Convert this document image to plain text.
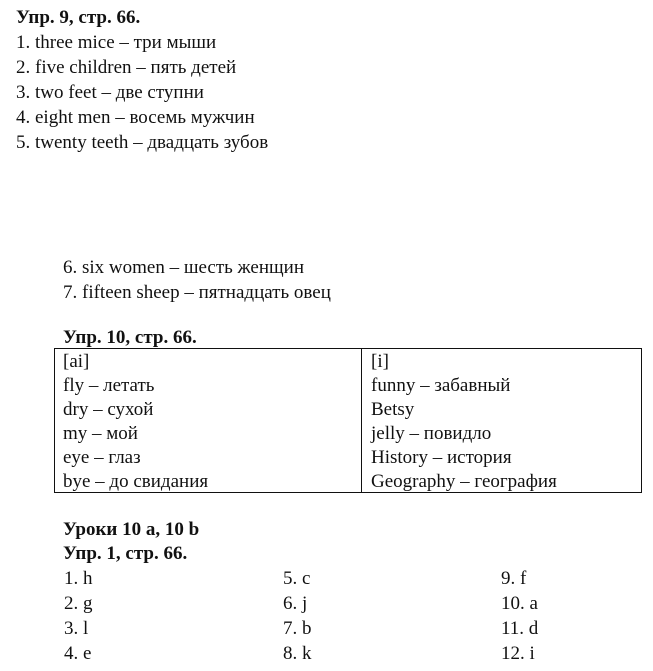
Упр. 9, стр. 66.
1. three mice – три мыши
2. five children – пять детей
3. two feet – две ступни
4. eight men – восемь мужчин
5. twenty teeth – двадцать зубов
6. six women – шесть женщин
7. fifteen sheep – пятнадцать овец
Упр. 10, стр. 66.
[ai]
fly – летать
dry – сухой
my – мой
eye – глаз
bye – до свидания
[i]
funny – забавный
Betsy
jelly – повидло
History – история
Geography – география
Уроки 10 a, 10 b
Упр. 1, стр. 66.
1. h
2. g
3. l
4. e
5. c
6. j
7. b
8. k
9. f
10. a
11. d
12. i
